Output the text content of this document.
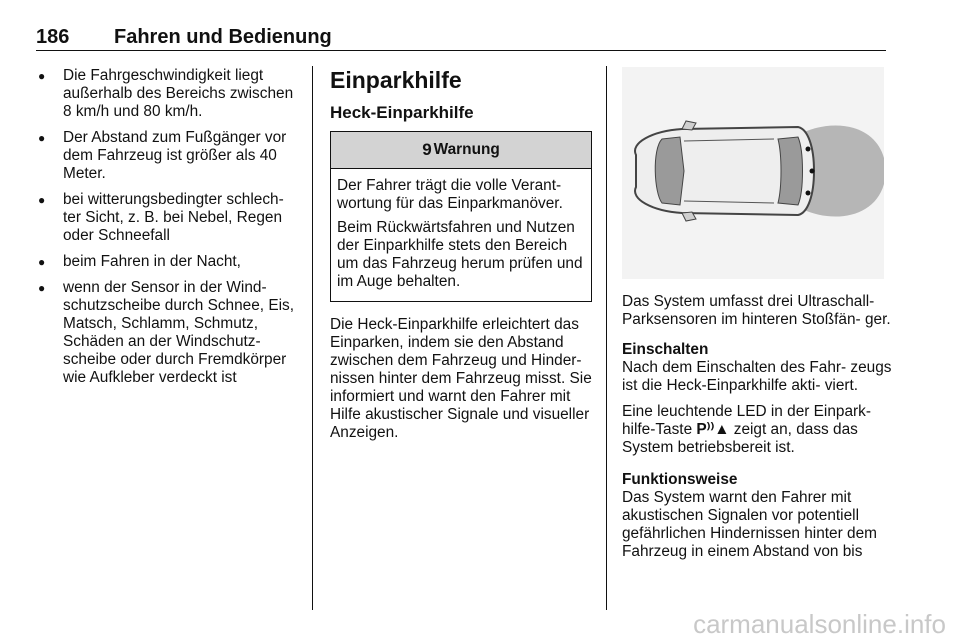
186 Fahren und Bedienung
● Die Fahrgeschwindigkeit liegt außerhalb des Bereichs zwischen 8 km/h und 80 km/h.
● Der Abstand zum Fußgänger vor dem Fahrzeug ist größer als 40 Meter.
● bei witterungsbedingter schlech‐ ter Sicht, z. B. bei Nebel, Regen oder Schneefall
● beim Fahren in der Nacht,
● wenn der Sensor in der Wind‐ schutzscheibe durch Schnee, Eis, Matsch, Schlamm, Schmutz, Schäden an der Windschutz‐ scheibe oder durch Fremdkörper wie Aufkleber verdeckt ist
Einparkhilfe
Heck-Einparkhilfe
9 Warnung

Der Fahrer trägt die volle Verant‐ wortung für das Einparkmanöver.

Beim Rückwärtsfahren und Nutzen der Einparkhilfe stets den Bereich um das Fahrzeug herum prüfen und im Auge behalten.

Die Heck-Einparkhilfe erleichtert das Einparken, indem sie den Abstand zwischen dem Fahrzeug und Hinder‐ nissen hinter dem Fahrzeug misst. Sie informiert und warnt den Fahrer mit Hilfe akustischer Signale und visueller Anzeigen.

Das System umfasst drei Ultraschall‐ Parksensoren im hinteren Stoßfän‐ ger.

Einschalten

Nach dem Einschalten des Fahr‐ zeugs ist die Heck-Einparkhilfe akti‐ viert.

Eine leuchtende LED in der Einpark‐ hilfe-Taste P⁾⁾▲ zeigt an, dass das System betriebsbereit ist.

Funktionsweise

Das System warnt den Fahrer mit akustischen Signalen vor potentiell gefährlichen Hindernissen hinter dem Fahrzeug in einem Abstand von bis

carmanualsonline.info
